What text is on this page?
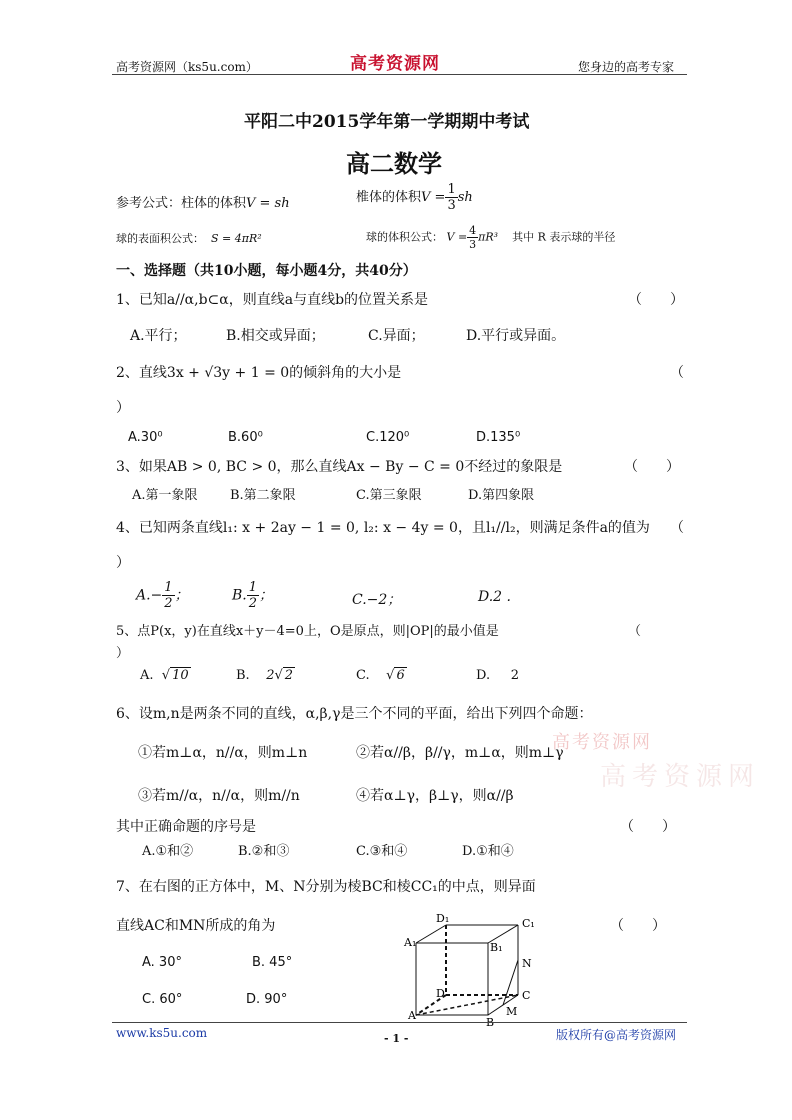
高考资源网（ks5u.com）	高考资源网	您身边的高考专家
平阳二中2015学年第一学期期中考试
高二数学
参考公式：柱体的体积V = sh	椎体的体积$V = \frac{1}{3}$ sh
球的表面积公式： S = 4πR²	球的体积公式： $V = \frac{4}{3} \pi R^3$ 其中 R 表示球的半径
一、选择题（共10小题，每小题4分，共40分）
1、已知a//α,b⊂α，则直线a与直线b的位置关系是	（　　）
A.平行；	B.相交或异面；	C.异面；	D.平行或异面。
2、直线3x + √3y + 1 = 0的倾斜角的大小是	（
）
A.30⁰	B.60⁰	C.120⁰	D.135⁰
3、如果AB > 0, BC > 0，那么直线Ax − By − C = 0不经过的象限是	（　　）
A.第一象限 B.第二象限	C.第三象限	D.第四象限
4、已知两条直线l₁: x + 2ay − 1 = 0, l₂: x − 4y = 0，且l₁//l₂，则满足条件a的值为 （
）
$A.- \frac{1}{2}$ ；	B. $\frac{1}{2}$ ；	C.−2；	D.2 .
5、点P(x，y)在直线x＋y－4=0上，O是原点，则|OP|的最小值是	（
）
A.  √ 10	B. 2√ 2	C.    √ 6	D. 2
6、设m,n是两条不同的直线，α,β,γ是三个不同的平面，给出下列四个命题：
①若m⊥α，n//α，则m⊥n	②若α//β，β//γ，m⊥α，则m⊥γ
③若m//α，n//α，则m//n	④若α⊥γ，β⊥γ，则α//β
高考资源网
高考资源网
其中正确命题的序号是	（　　）
A.①和②	B.②和③	C.③和④	D.①和④
7、在右图的正方体中，M、N分别为棱BC和棱CC₁的中点，则异面
直线AC和MN所成的角为	（　　）
A. 30°	B. 45°
C. 60°	D. 90°
D₁	C₁
A₁	B₁
N
D	C
A	M
www.ks5u.com	- 1 -	版权所有@高考资源网
